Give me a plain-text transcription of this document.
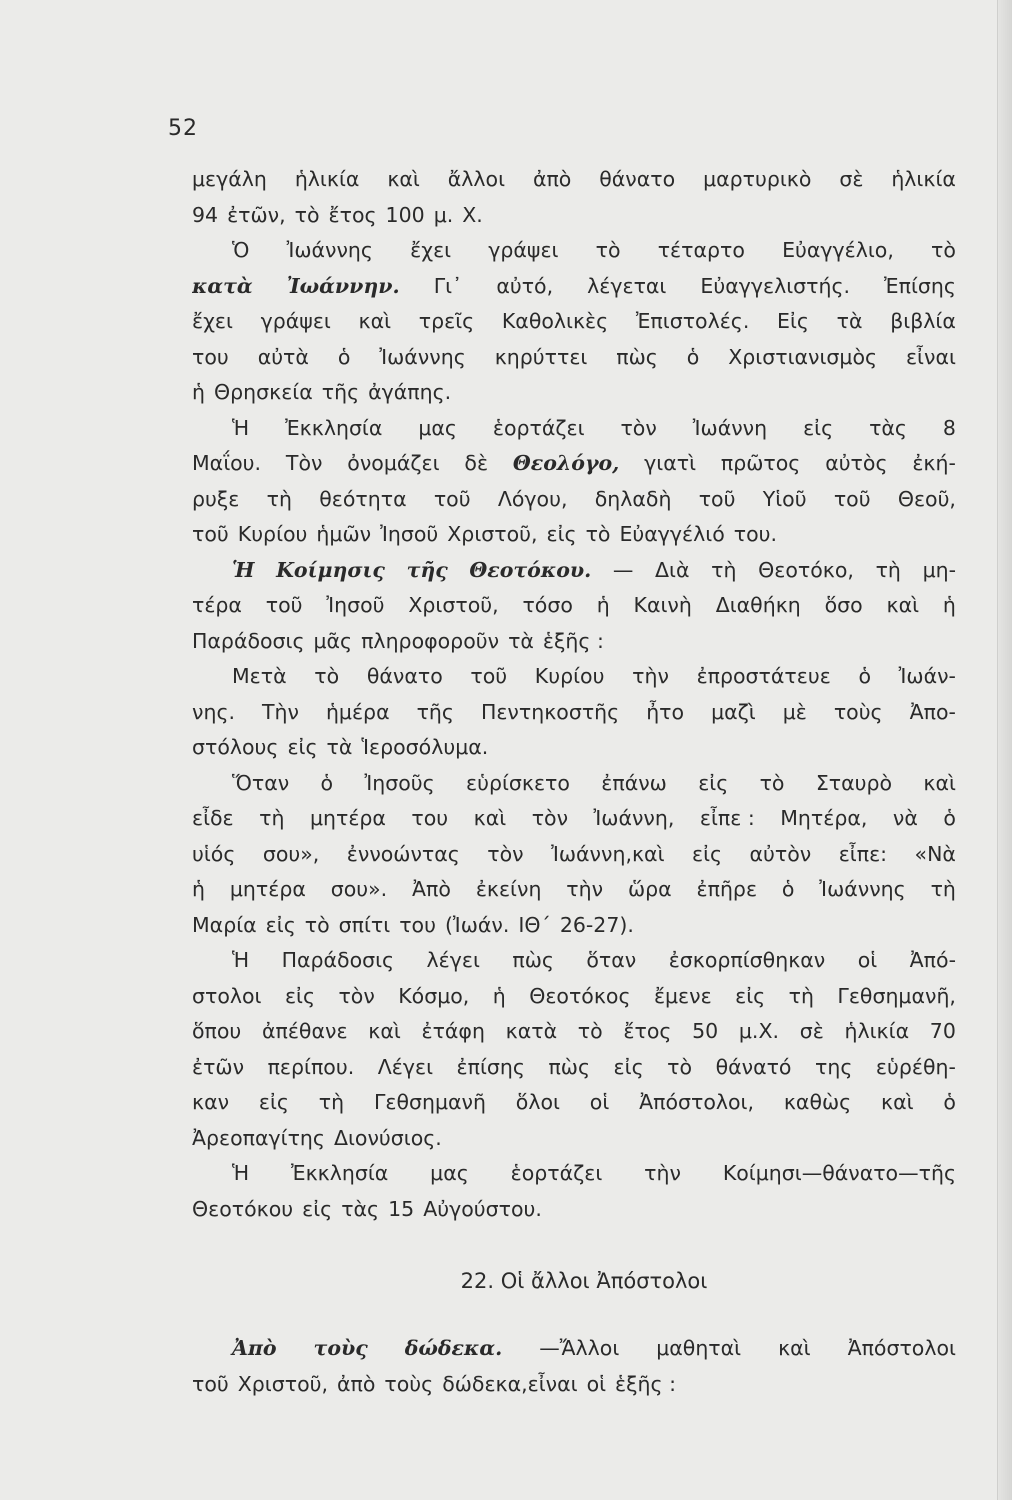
52
μεγάλη ἡλικία καὶ ἄλλοι ἀπὸ θάνατο μαρτυρικὸ σὲ ἡλικία
94 ἐτῶν, τὸ ἔτος 100 μ. Χ.
Ὁ Ἰωάννης ἔχει γράψει τὸ τέταρτο Εὐαγγέλιο, τὸ
κατὰ Ἰωάννην. Γι᾿ αὐτό, λέγεται Εὐαγγελιστής. Ἐπίσης
ἔχει γράψει καὶ τρεῖς Καθολικὲς Ἐπιστολές. Εἰς τὰ βιβλία
του αὐτὰ ὁ Ἰωάννης κηρύττει πὼς ὁ Χριστιανισμὸς εἶναι
ἡ Θρησκεία τῆς ἀγάπης.
Ἡ Ἐκκλησία μας ἑορτάζει τὸν Ἰωάννη εἰς τὰς 8
Μαΐου. Τὸν ὀνομάζει δὲ Θεολόγο, γιατὶ πρῶτος αὐτὸς ἐκή-
ρυξε τὴ θεότητα τοῦ Λόγου, δηλαδὴ τοῦ Υἱοῦ τοῦ Θεοῦ,
τοῦ Κυρίου ἡμῶν Ἰησοῦ Χριστοῦ, εἰς τὸ Εὐαγγέλιό του.
Ἡ Κοίμησις τῆς Θεοτόκου. — Διὰ τὴ Θεοτόκο, τὴ μη-
τέρα τοῦ Ἰησοῦ Χριστοῦ, τόσο ἡ Καινὴ Διαθήκη ὅσο καὶ ἡ
Παράδοσις μᾶς πληροφοροῦν τὰ ἑξῆς :
Μετὰ τὸ θάνατο τοῦ Κυρίου τὴν ἐπροστάτευε ὁ Ἰωάν-
νης. Τὴν ἡμέρα τῆς Πεντηκοστῆς ἦτο μαζὶ μὲ τοὺς Ἀπο-
στόλους εἰς τὰ Ἱεροσόλυμα.
Ὅταν ὁ Ἰησοῦς εὑρίσκετο ἐπάνω εἰς τὸ Σταυρὸ καὶ
εἶδε τὴ μητέρα του καὶ τὸν Ἰωάννη, εἶπε : Μητέρα, νὰ ὁ
υἱός σου», ἐννοώντας τὸν Ἰωάννη,καὶ εἰς αὐτὸν εἶπε: «Νὰ
ἡ μητέρα σου». Ἀπὸ ἐκείνη τὴν ὥρα ἐπῆρε ὁ Ἰωάννης τὴ
Μαρία εἰς τὸ σπίτι του (Ἰωάν. ΙΘ´ 26-27).
Ἡ Παράδοσις λέγει πὼς ὅταν ἐσκορπίσθηκαν οἱ Ἀπό-
στολοι εἰς τὸν Κόσμο, ἡ Θεοτόκος ἔμενε εἰς τὴ Γεθσημανῆ,
ὅπου ἀπέθανε καὶ ἐτάφη κατὰ τὸ ἔτος 50 μ.Χ. σὲ ἡλικία 70
ἐτῶν περίπου. Λέγει ἐπίσης πὼς εἰς τὸ θάνατό της εὑρέθη-
καν εἰς τὴ Γεθσημανῆ ὅλοι οἱ Ἀπόστολοι, καθὼς καὶ ὁ
Ἀρεοπαγίτης Διονύσιος.
Ἡ Ἐκκλησία μας ἑορτάζει τὴν Κοίμησι—θάνατο—τῆς
Θεοτόκου εἰς τὰς 15 Αὐγούστου.
22. Οἱ ἄλλοι Ἀπόστολοι
Ἀπὸ τοὺς δώδεκα. —Ἄλλοι μαθηταὶ καὶ Ἀπόστολοι
τοῦ Χριστοῦ, ἀπὸ τοὺς δώδεκα,εἶναι οἱ ἑξῆς :
